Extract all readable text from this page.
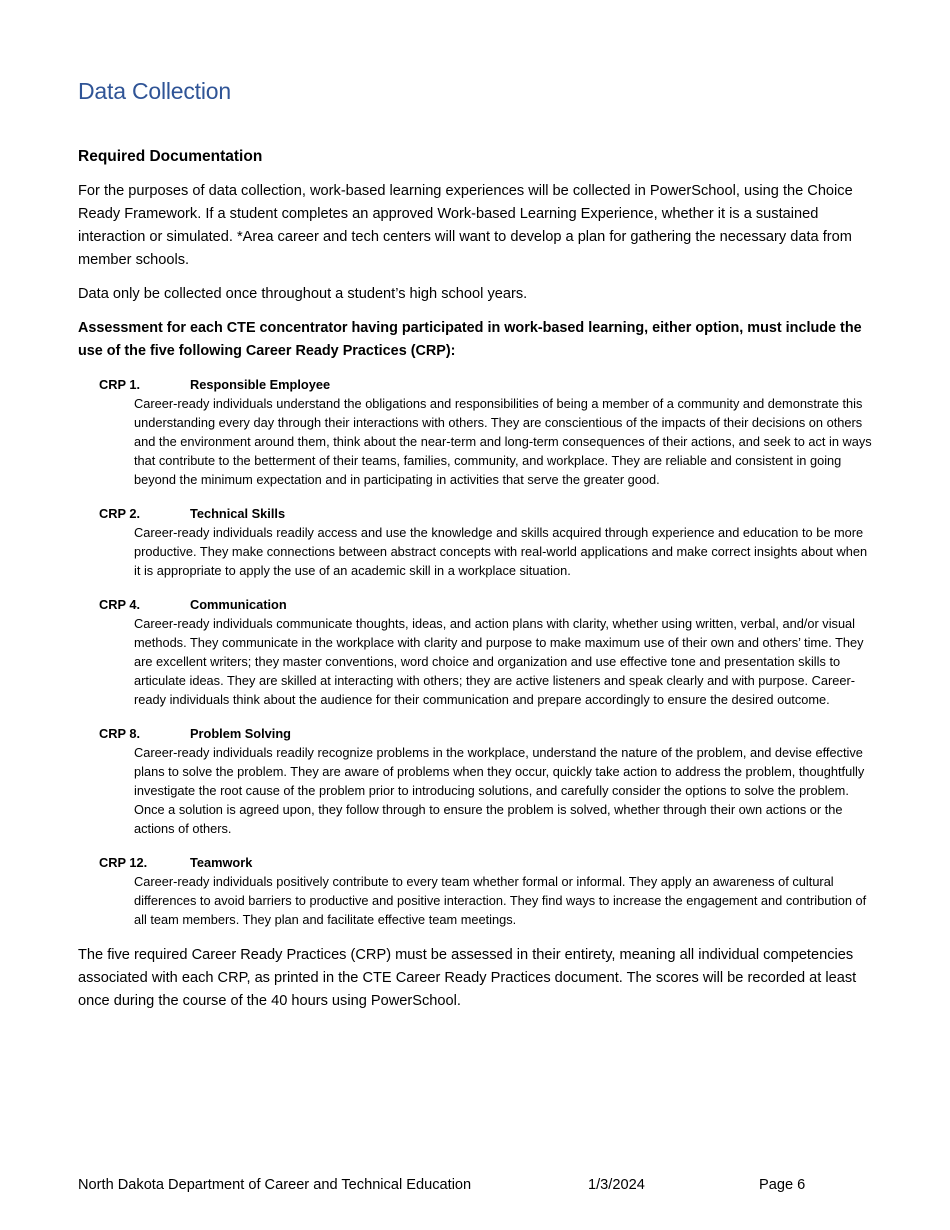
Data Collection
Required Documentation

For the purposes of data collection, work-based learning experiences will be collected in PowerSchool, using the Choice Ready Framework. If a student completes an approved Work-based Learning Experience, whether it is a sustained interaction or simulated. *Area career and tech centers will want to develop a plan for gathering the necessary data from member schools.

Data only be collected once throughout a student’s high school years.

Assessment for each CTE concentrator having participated in work-based learning, either option, must include the use of the five following Career Ready Practices (CRP):

CRP 1.	Responsible Employee
Career-ready individuals understand the obligations and responsibilities of being a member of a community and demonstrate this understanding every day through their interactions with others. They are conscientious of the impacts of their decisions on others and the environment around them, think about the near-term and long-term consequences of their actions, and seek to act in ways that contribute to the betterment of their teams, families, community, and workplace. They are reliable and consistent in going beyond the minimum expectation and in participating in activities that serve the greater good.
CRP 2.	Technical Skills
Career-ready individuals readily access and use the knowledge and skills acquired through experience and education to be more productive. They make connections between abstract concepts with real-world applications and make correct insights about when it is appropriate to apply the use of an academic skill in a workplace situation.
CRP 4.	Communication
Career-ready individuals communicate thoughts, ideas, and action plans with clarity, whether using written, verbal, and/or visual methods. They communicate in the workplace with clarity and purpose to make maximum use of their own and others’ time. They are excellent writers; they master conventions, word choice and organization and use effective tone and presentation skills to articulate ideas. They are skilled at interacting with others; they are active listeners and speak clearly and with purpose. Career-ready individuals think about the audience for their communication and prepare accordingly to ensure the desired outcome.
CRP 8.	Problem Solving
Career-ready individuals readily recognize problems in the workplace, understand the nature of the problem, and devise effective plans to solve the problem. They are aware of problems when they occur, quickly take action to address the problem, thoughtfully investigate the root cause of the problem prior to introducing solutions, and carefully consider the options to solve the problem. Once a solution is agreed upon, they follow through to ensure the problem is solved, whether through their own actions or the actions of others.
CRP 12.	Teamwork
Career-ready individuals positively contribute to every team whether formal or informal. They apply an awareness of cultural differences to avoid barriers to productive and positive interaction. They find ways to increase the engagement and contribution of all team members. They plan and facilitate effective team meetings.

The five required Career Ready Practices (CRP) must be assessed in their entirety, meaning all individual competencies associated with each CRP, as printed in the CTE Career Ready Practices document. The scores will be recorded at least once during the course of the 40 hours using PowerSchool.

North Dakota Department of Career and Technical Education	1/3/2024	Page 6
